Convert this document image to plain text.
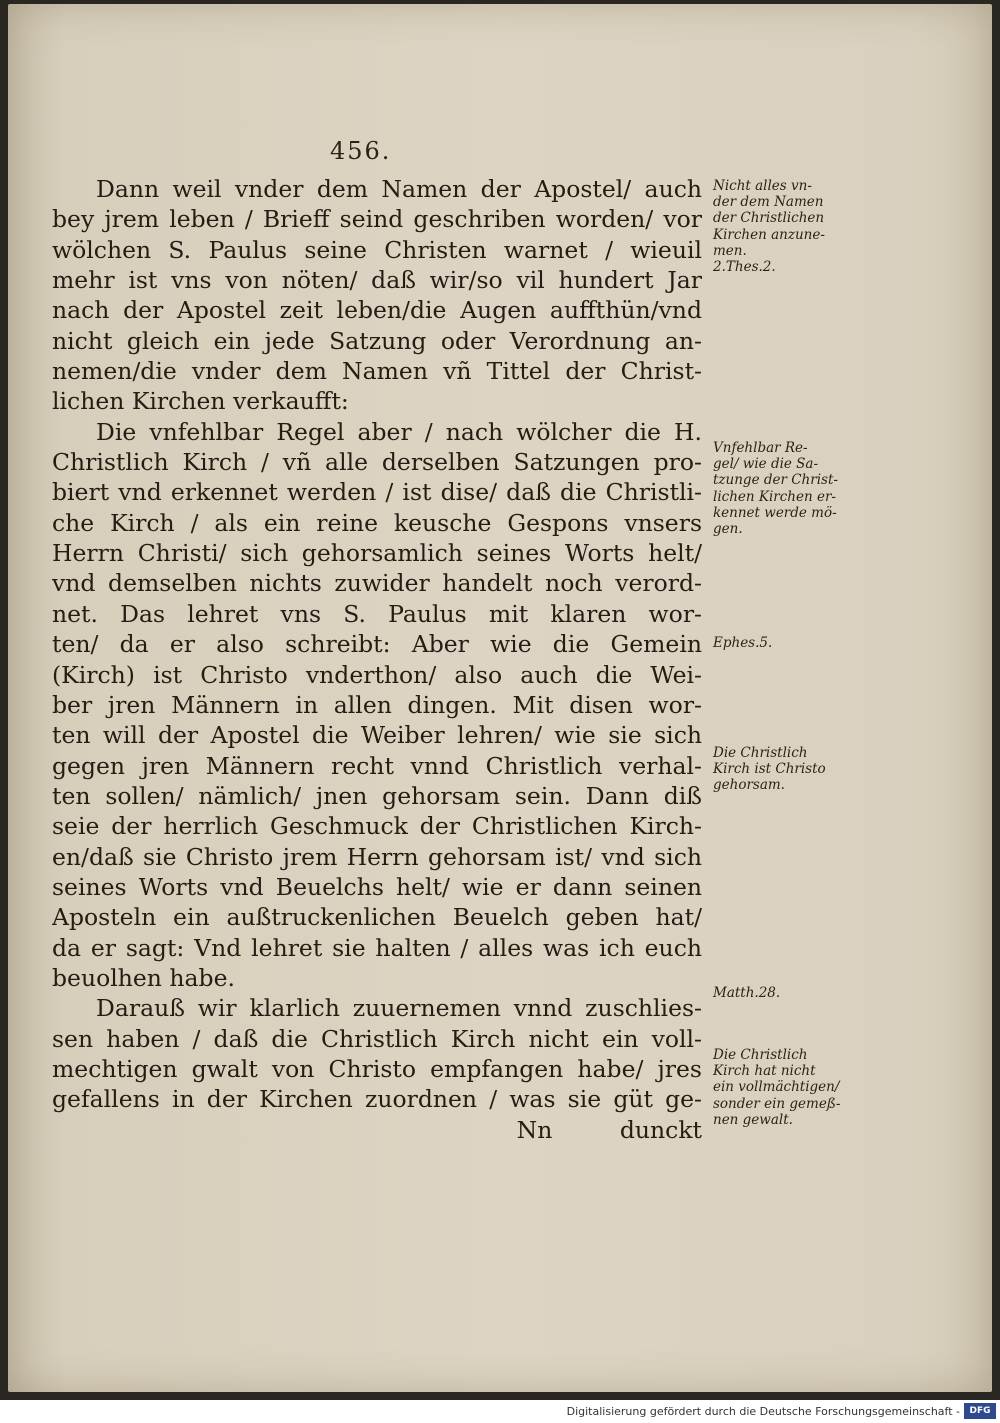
456.
Dann weil vnder dem Namen der Apostel/ auch
bey jrem leben / Brieff seind geschriben worden/ vor
wölchen S. Paulus seine Christen warnet / wieuil
mehr ist vns von nöten/ daß wir/so vil hundert Jar
nach der Apostel zeit leben/die Augen auffthün/vnd
nicht gleich ein jede Satzung oder Verordnung an-
nemen/die vnder dem Namen vñ Tittel der Christ-
lichen Kirchen verkaufft:
Die vnfehlbar Regel aber / nach wölcher die H.
Christlich Kirch / vñ alle derselben Satzungen pro-
biert vnd erkennet werden / ist dise/ daß die Christli-
che Kirch / als ein reine keusche Gespons vnsers
Herrn Christi/ sich gehorsamlich seines Worts helt/
vnd demselben nichts zuwider handelt noch verord-
net. Das lehret vns S. Paulus mit klaren wor-
ten/ da er also schreibt: Aber wie die Gemein
(Kirch) ist Christo vnderthon/ also auch die Wei-
ber jren Männern in allen dingen. Mit disen wor-
ten will der Apostel die Weiber lehren/ wie sie sich
gegen jren Männern recht vnnd Christlich verhal-
ten sollen/ nämlich/ jnen gehorsam sein. Dann diß
seie der herrlich Geschmuck der Christlichen Kirch-
en/daß sie Christo jrem Herrn gehorsam ist/ vnd sich
seines Worts vnd Beuelchs helt/ wie er dann seinen
Aposteln ein außtruckenlichen Beuelch geben hat/
da er sagt: Vnd lehret sie halten / alles was ich euch
beuolhen habe.
Darauß wir klarlich zuuernemen vnnd zuschlies-
sen haben / daß die Christlich Kirch nicht ein voll-
mechtigen gwalt von Christo empfangen habe/ jres
gefallens in der Kirchen zuordnen / was sie güt ge-
Nn dunckt
Nicht alles vn-
der dem Namen
der Christlichen
Kirchen anzune-
men.
2.Thes.2.
Vnfehlbar Re-
gel/ wie die Sa-
tzunge der Christ-
lichen Kirchen er-
kennet werde mö-
gen.
Ephes.5.
Die Christlich
Kirch ist Christo
gehorsam.
Matth.28.
Die Christlich
Kirch hat nicht
ein vollmächtigen/
sonder ein gemeß-
nen gewalt.
Digitalisierung gefördert durch die Deutsche Forschungsgemeinschaft -	DFG
